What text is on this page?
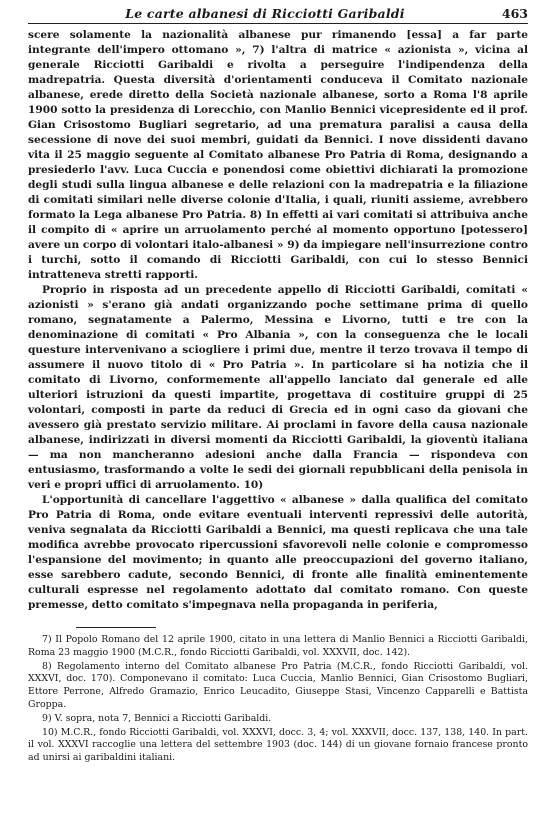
Le carte albanesi di Ricciotti Garibaldi	463

scere solamente la nazionalità albanese pur rimanendo [essa] a far parte integrante dell'impero ottomano », 7) l'altra di matrice « azionista », vicina al generale Ricciotti Garibaldi e rivolta a perseguire l'indipendenza della madrepatria. Questa diversità d'orientamenti conduceva il Comitato nazionale albanese, erede diretto della Società nazionale albanese, sorto a Roma l'8 aprile 1900 sotto la presidenza di Lorecchio, con Manlio Bennici vicepresidente ed il prof. Gian Crisostomo Bugliari segretario, ad una prematura paralisi a causa della secessione di nove dei suoi membri, guidati da Bennici. I nove dissidenti davano vita il 25 maggio seguente al Comitato albanese Pro Patria di Roma, designando a presiederlo l'avv. Luca Cuccia e ponendosi come obiettivi dichiarati la promozione degli studi sulla lingua albanese e delle relazioni con la madrepatria e la filiazione di comitati similari nelle diverse colonie d'Italia, i quali, riuniti assieme, avrebbero formato la Lega albanese Pro Patria. 8) In effetti ai vari comitati si attribuiva anche il compito di « aprire un arruolamento perché al momento opportuno [potessero] avere un corpo di volontari italo-albanesi » 9) da impiegare nell'insurrezione contro i turchi, sotto il comando di Ricciotti Garibaldi, con cui lo stesso Bennici intratteneva stretti rapporti.

Proprio in risposta ad un precedente appello di Ricciotti Garibaldi, comitati « azionisti » s'erano già andati organizzando poche settimane prima di quello romano, segnatamente a Palermo, Messina e Livorno, tutti e tre con la denominazione di comitati « Pro Albania », con la conseguenza che le locali questure intervenivano a sciogliere i primi due, mentre il terzo trovava il tempo di assumere il nuovo titolo di « Pro Patria ». In particolare si ha notizia che il comitato di Livorno, conformemente all'appello lanciato dal generale ed alle ulteriori istruzioni da questi impartite, progettava di costituire gruppi di 25 volontari, composti in parte da reduci di Grecia ed in ogni caso da giovani che avessero già prestato servizio militare. Ai proclami in favore della causa nazionale albanese, indirizzati in diversi momenti da Ricciotti Garibaldi, la gioventù italiana — ma non mancheranno adesioni anche dalla Francia — rispondeva con entusiasmo, trasformando a volte le sedi dei giornali repubblicani della penisola in veri e propri uffici di arruolamento. 10)

L'opportunità di cancellare l'aggettivo « albanese » dalla qualifica del comitato Pro Patria di Roma, onde evitare eventuali interventi repressivi delle autorità, veniva segnalata da Ricciotti Garibaldi a Bennici, ma questi replicava che una tale modifica avrebbe provocato ripercussioni sfavorevoli nelle colonie e compromesso l'espansione del movimento; in quanto alle preoccupazioni del governo italiano, esse sarebbero cadute, secondo Bennici, di fronte alle finalità eminentemente culturali espresse nel regolamento adottato dal comitato romano. Con queste premesse, detto comitato s'impegnava nella propaganda in periferia,

7) Il Popolo Romano del 12 aprile 1900, citato in una lettera di Manlio Bennici a Ricciotti Garibaldi, Roma 23 maggio 1900 (M.C.R., fondo Ricciotti Garibaldi, vol. XXXVII, doc. 142).

8) Regolamento interno del Comitato albanese Pro Patria (M.C.R., fondo Ricciotti Garibaldi, vol. XXXVI, doc. 170). Componevano il comitato: Luca Cuccia, Manlio Bennici, Gian Crisostomo Bugliari, Ettore Perrone, Alfredo Gramazio, Enrico Leucadito, Giuseppe Stasi, Vincenzo Capparelli e Battista Groppa.

9) V. sopra, nota 7, Bennici a Ricciotti Garibaldi.

10) M.C.R., fondo Ricciotti Garibaldi, vol. XXXVI, docc. 3, 4; vol. XXXVII, docc. 137, 138, 140. In part. il vol. XXXVI raccoglie una lettera del settembre 1903 (doc. 144) di un giovane fornaio francese pronto ad unirsi ai garibaldini italiani.
